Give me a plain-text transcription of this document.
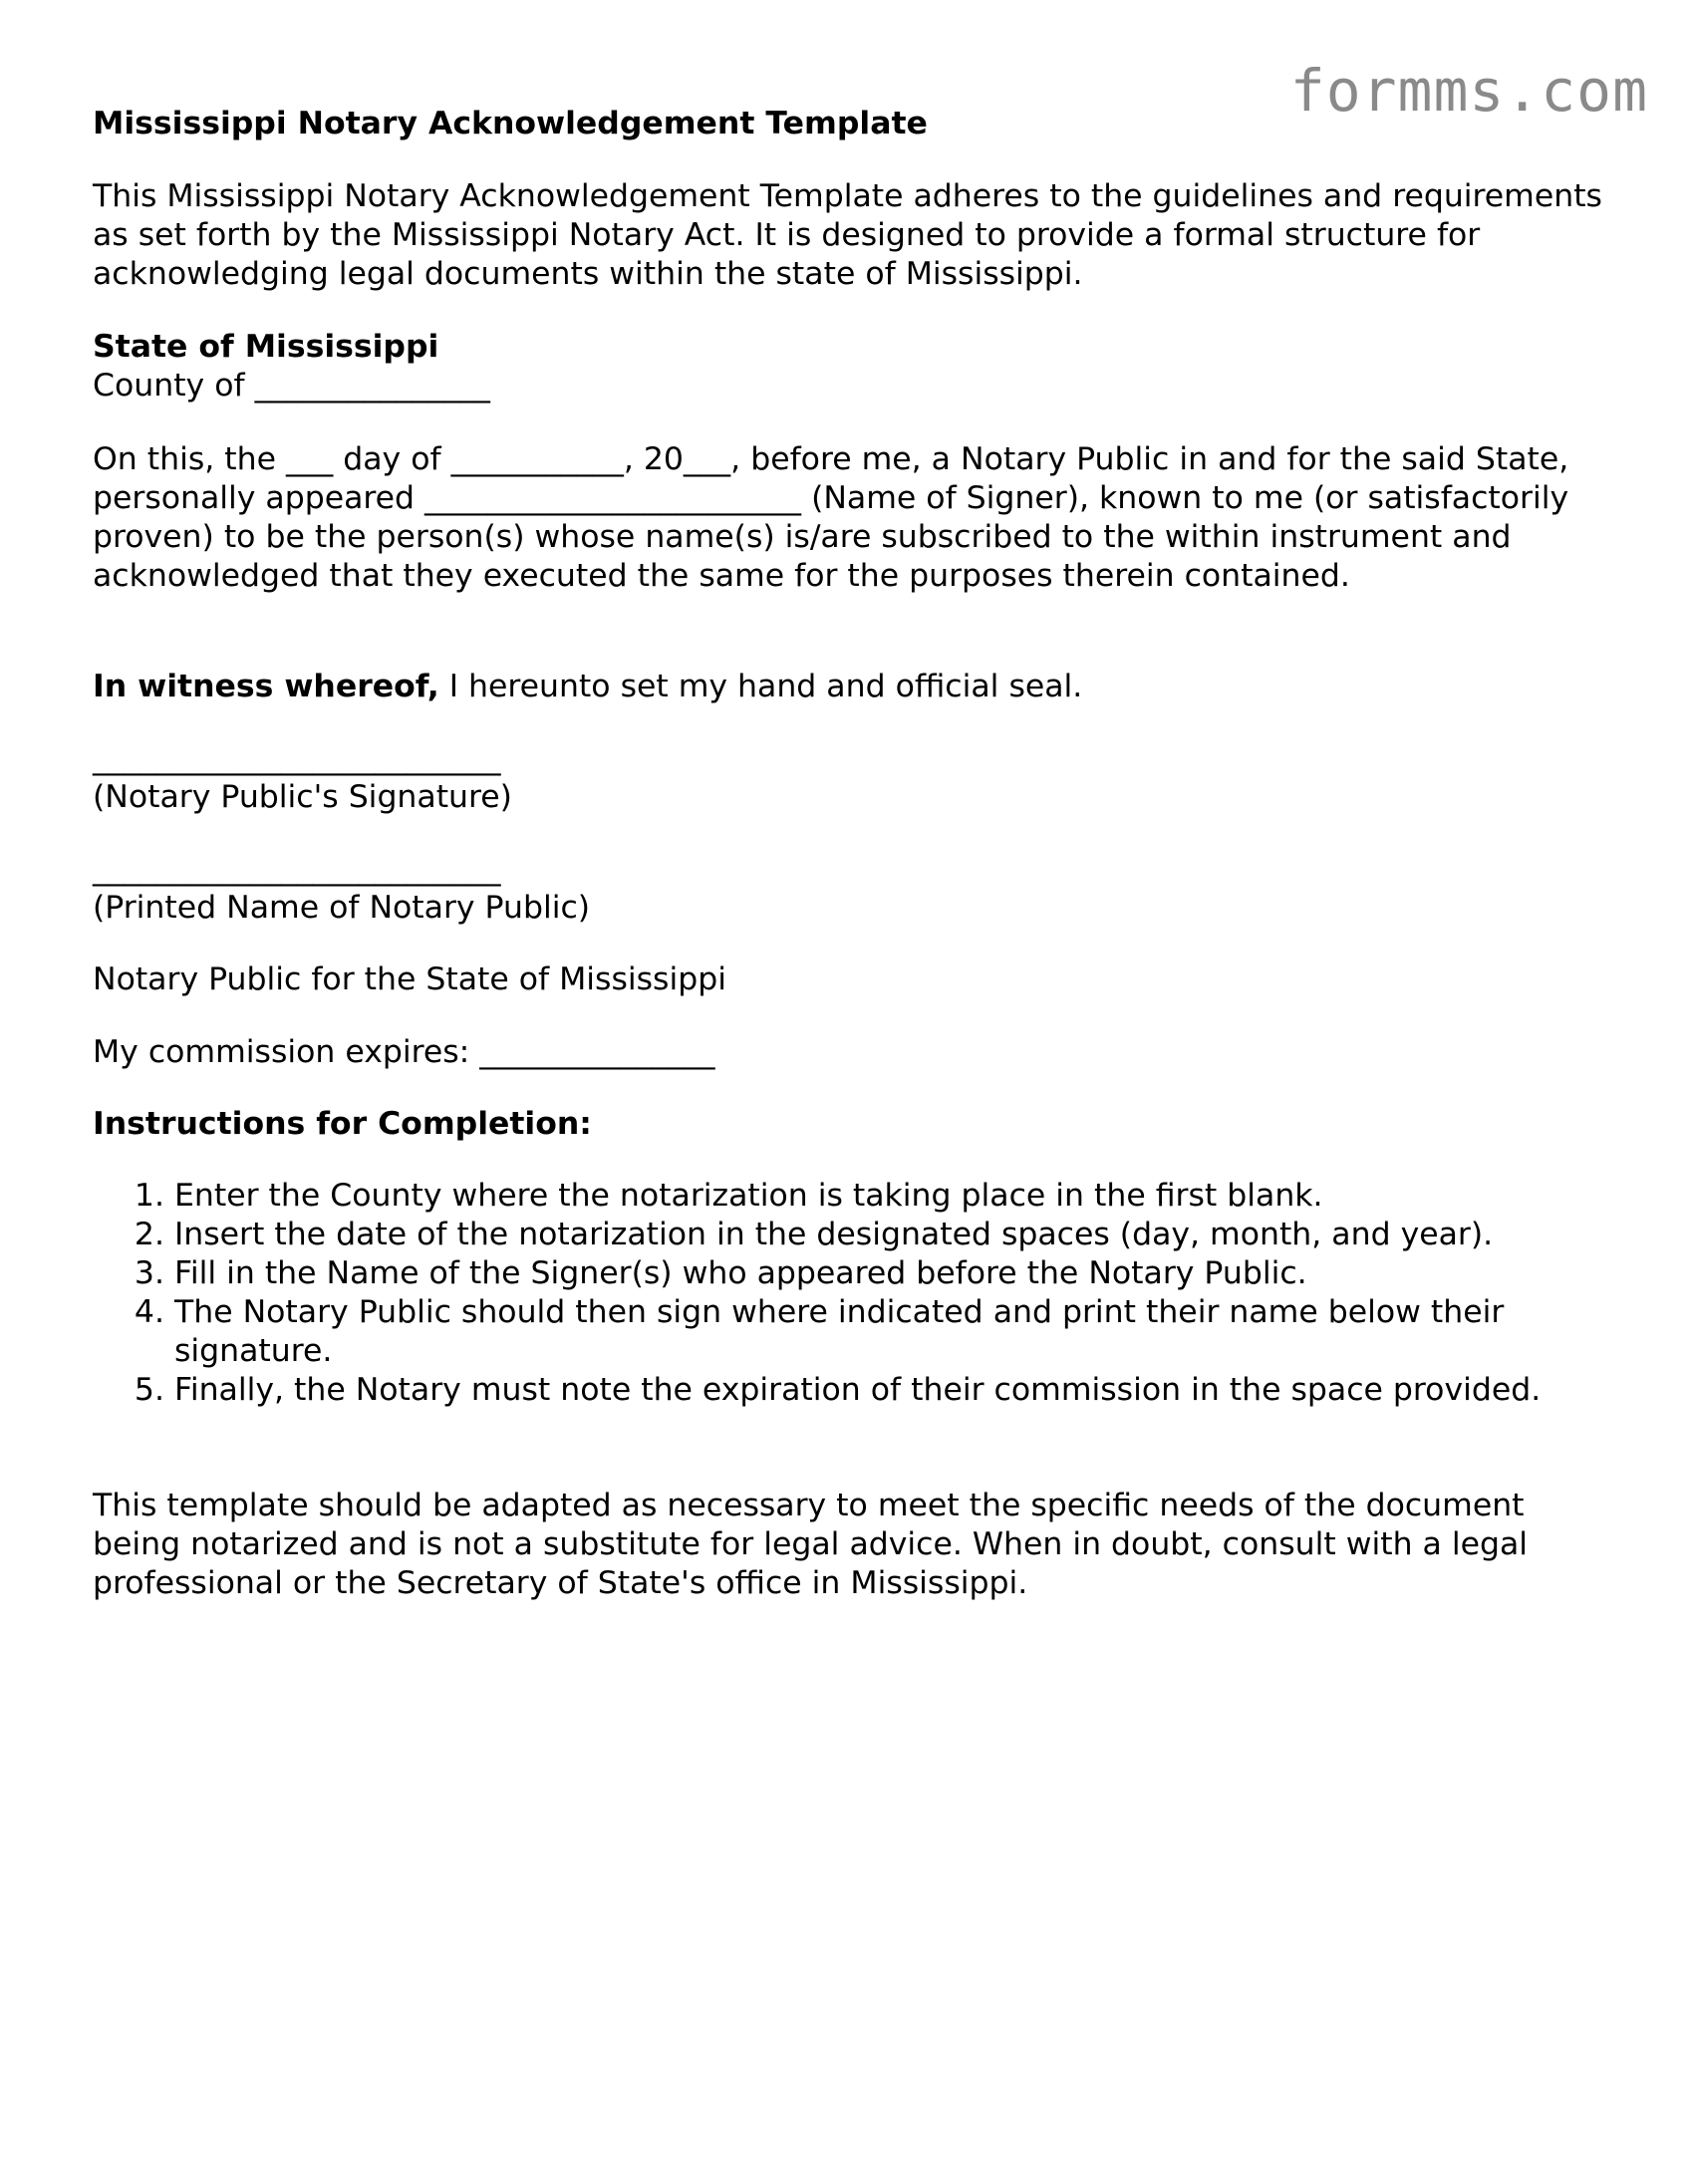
formms.com

Mississippi Notary Acknowledgement Template

This Mississippi Notary Acknowledgement Template adheres to the guidelines and requirements as set forth by the Mississippi Notary Act. It is designed to provide a formal structure for acknowledging legal documents within the state of Mississippi.

State of Mississippi

County of _______________

On this, the ___ day of ___________, 20___, before me, a Notary Public in and for the said State, personally appeared ________________________ (Name of Signer), known to me (or satisfactorily proven) to be the person(s) whose name(s) is/are subscribed to the within instrument and acknowledged that they executed the same for the purposes therein contained.

In witness whereof, I hereunto set my hand and official seal.

__________________________

(Notary Public's Signature)

__________________________

(Printed Name of Notary Public)

Notary Public for the State of Mississippi

My commission expires: _______________

Instructions for Completion:

1. Enter the County where the notarization is taking place in the first blank.
2. Insert the date of the notarization in the designated spaces (day, month, and year).
3. Fill in the Name of the Signer(s) who appeared before the Notary Public.
4. The Notary Public should then sign where indicated and print their name below their signature.
5. Finally, the Notary must note the expiration of their commission in the space provided.

This template should be adapted as necessary to meet the specific needs of the document being notarized and is not a substitute for legal advice. When in doubt, consult with a legal professional or the Secretary of State's office in Mississippi.
